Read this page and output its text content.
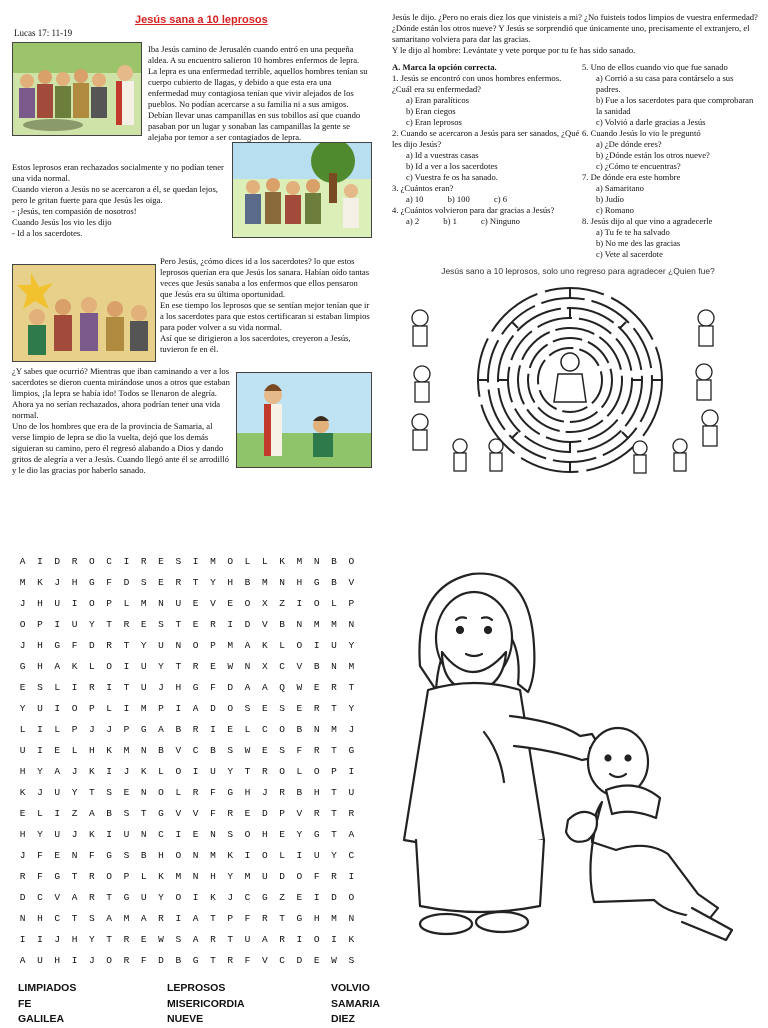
Jesús sana a 10 leprosos
Lucas 17: 11-19
Iba Jesús camino de Jerusalén cuando entró en una pequeña aldea. A su encuentro salieron 10 hombres enfermos de lepra. La lepra es una enfermedad terrible, aquellos hombres tenían su cuerpo cubierto de llagas, y debido a que esta era una enfermedad muy contagiosa tenían que vivir alejados de los pueblos. No podían acercarse a su familia ni a sus amigos. Debían llevar unas campanillas en sus tobillos así que cuando pasaban por un lugar y sonaban las campanillas la gente se alejaba por temor a ser contagiados de lepra.

Estos leprosos eran rechazados socialmente y no podían tener una vida normal.

Cuando vieron a Jesús no se acercaron a él, se quedan lejos, pero le gritan fuerte para que Jesús les oiga.

- ¡Jesús, ten compasión de nosotros!

Cuando Jesús los vio les dijo

- Id a los sacerdotes.

Pero Jesús, ¿cómo dices id a los sacerdotes? lo que estos leprosos querían era que Jesús los sanara. Habían oído tantas veces que Jesús sanaba a los enfermos que ellos pensaron que Jesús era su última oportunidad.

En ese tiempo los leprosos que se sentían mejor tenían que ir a los sacerdotes para que estos certificaran si estaban limpios para poder volver a su vida normal.

Así que se dirigieron a los sacerdotes, creyeron a Jesús, tuvieron fe en él.

¿Y sabes que ocurrió? Mientras que iban caminando a ver a los sacerdotes se dieron cuenta mirándose unos a otros que estaban limpios, ¡la lepra se había ido! Todos se llenaron de alegría. Ahora ya no serían rechazados, ahora podrían tener una vida normal.

Uno de los hombres que era de la provincia de Samaria, al verse limpio de lepra se dio la vuelta, dejó que los demás siguieran su camino, pero él regresó alabando a Dios y dando gritos de alegría a ver a Jesús. Cuando llegó ante él se arrodilló y le dio las gracias por haberlo sanado.

Jesús le dijo. ¿Pero no erais diez los que vinisteis a mi? ¿No fuisteis todos limpios de vuestra enfermedad? ¿Dónde están los otros nueve? Y Jesús se sorprendió que únicamente uno, precisamente el extranjero, el samaritano volviera para dar las gracias.

Y le dijo al hombre: Levántate y vete porque por tu fe has sido sanado.

A. Marca la opción correcta.

1. Jesús se encontró con unos hombres enfermos. ¿Cuál era su enfermedad?

a) Eran paralíticos

b) Eran ciegos

c) Eran leprosos

2. Cuando se acercaron a Jesús para ser sanados, ¿Qué les dijo Jesús?

a) Id a vuestras casas

b) Id a ver a los sacerdotes

c) Vuestra fe os ha sanado.

3. ¿Cuántos eran?

a) 10	b) 100	c) 6

4. ¿Cuántos volvieron para dar gracias a Jesús?

a) 2	b) 1	c) Ninguno

5. Uno de ellos cuando vio que fue sanado

a) Corrió a su casa para contárselo a sus padres.

b) Fue a los sacerdotes para que comprobaran la sanidad

c) Volvió a darle gracias a Jesús

6. Cuando Jesús lo vio le preguntó

a) ¿De dónde eres?

b) ¿Dónde están los otros nueve?

c) ¿Cómo te encuentras?

7. De dónde era este hombre

a) Samaritano

b) Judío

c) Romano

8. Jesús dijo al que vino a agradecerle

a) Tu fe te ha salvado

b) No me des las gracias

c) Vete al sacerdote

Jesús sano a 10 leprosos, solo uno regreso para agradecer ¿Quien fue?
A	I	D	R	O	C	I	R	E	S	I	M	O	L	L	K	M	N	B	O
M	K	J	H	G	F	D	S	E	R	T	Y	H	B	M	N	H	G	B	V
J	H	U	I	O	P	L	M	N	U	E	V	E	O	X	Z	I	O	L	P
O	P	I	U	Y	T	R	E	S	T	E	R	I	D	V	B	N	M	M	N
J	H	G	F	D	R	T	Y	U	N	O	P	M	A	K	L	O	I	U	Y
G	H	A	K	L	O	I	U	Y	T	R	E	W	N	X	C	V	B	N	M
E	S	L	I	R	I	T	U	J	H	G	F	D	A	A	Q	W	E	R	T
Y	U	I	O	P	L	I	M	P	I	A	D	O	S	E	S	E	R	T	Y
L	I	L	P	J	J	P	G	A	B	R	I	E	L	C	O	B	N	M	J
U	I	E	L	H	K	M	N	B	V	C	B	S	W	E	S	F	R	T	G
H	Y	A	J	K	I	J	K	L	O	I	U	Y	T	R	O	L	O	P	I
K	J	U	Y	T	S	E	N	O	L	R	F	G	H	J	R	B	H	T	U
E	L	I	Z	A	B	S	T	G	V	V	F	R	E	D	P	V	R	T	R
H	Y	U	J	K	I	U	N	C	I	E	N	S	O	H	E	Y	G	T	A
J	F	E	N	F	G	S	B	H	O	N	M	K	I	O	L	I	U	Y	C
R	F	G	T	R	O	P	L	K	M	N	H	Y	M	U	D	O	F	R	I
D	C	V	A	R	T	G	U	Y	O	I	K	J	C	G	Z	E	I	D	O
N	H	C	T	S	A	M	A	R	I	A	T	P	F	R	T	G	H	M	N
I	I	J	H	Y	T	R	E	W	S	A	R	T	U	A	R	I	O	I	K
A	U	H	I	J	O	R	F	D	B	G	T	R	F	V	C	D	E	W	S
LIMPIADOS
FE
GALILEA
LEPROSOS
MISERICORDIA
NUEVE
VOLVIO
SAMARIA
DIEZ
